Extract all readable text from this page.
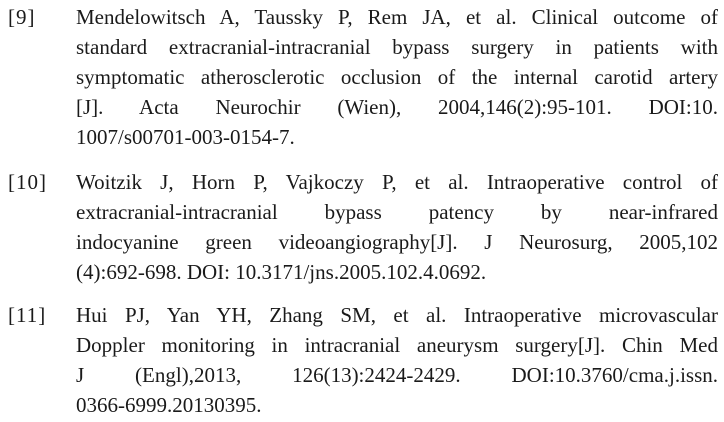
[9] Mendelowitsch A, Taussky P, Rem JA, et al. Clinical outcome of
standard extracranial-intracranial bypass surgery in patients with
symptomatic atherosclerotic occlusion of the internal carotid artery
[J]. Acta Neurochir (Wien), 2004,146(2):95-101. DOI:10.
1007/s00701-003-0154-7.
[10] Woitzik J, Horn P, Vajkoczy P, et al. Intraoperative control of
extracranial-intracranial bypass patency by near-infrared
indocyanine green videoangiography[J]. J Neurosurg, 2005,102
(4):692-698. DOI: 10.3171/jns.2005.102.4.0692.
[11] Hui PJ, Yan YH, Zhang SM, et al. Intraoperative microvascular
Doppler monitoring in intracranial aneurysm surgery[J]. Chin Med
J (Engl),2013, 126(13):2424-2429. DOI:10.3760/cma.j.issn.
0366-6999.20130395.
